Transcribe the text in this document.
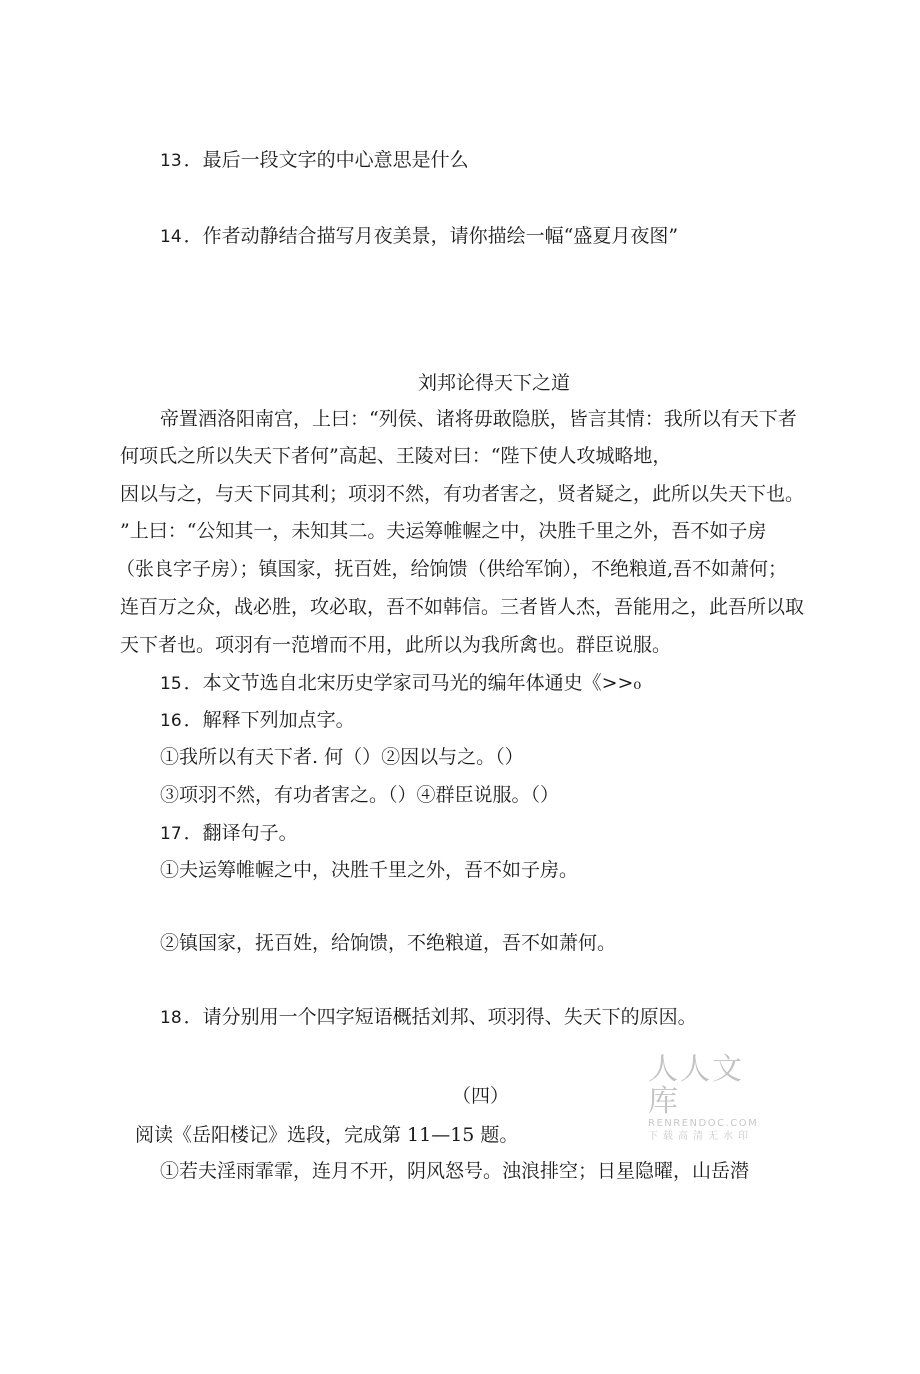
13 ．最后一段文字的中心意思是什么
14 ．作者动静结合描写月夜美景，请你描绘一幅“盛夏月夜图”
刘邦论得天下之道
帝置酒洛阳南宫，上曰：“列侯、诸将毋敢隐朕，皆言其情：我所以有天下者
何项氏之所以失天下者何”高起、王陵对曰：“陛下使人攻城略地，
因以与之，与天下同其利；项羽不然，有功者害之，贤者疑之，此所以失天下也。
”上曰：“公知其一，未知其二。夫运筹帷幄之中，决胜千里之外，吾不如子房
（张良字子房）；镇国家，抚百姓，给饷馈（供给军饷），不绝粮道,吾不如萧何；
连百万之众，战必胜，攻必取，吾不如韩信。三者皆人杰，吾能用之，此吾所以取
天下者也。项羽有一范增而不用，此所以为我所禽也。群臣说服。
15 ．本文节选自北宋历史学家司马光的编年体通史《>>₀
16 ．解释下列加点字。
①我所以有天下者. 何（）②因以与之。（）
③项羽不然，有功者害之。（）④群臣说服。（）
17 ．翻译句子。
①夫运筹帷幄之中，决胜千里之外，吾不如子房。
②镇国家，抚百姓，给饷馈，不绝粮道，吾不如萧何。
18 ．请分别用一个四字短语概括刘邦、项羽得、失天下的原因。
人人文库
RENRENDOC.COM
下载高清无水印
（四）
阅读《岳阳楼记》选段，完成第 11—15 题。
①若夫淫雨霏霏，连月不开，阴风怒号。浊浪排空；日星隐曜，山岳潜
